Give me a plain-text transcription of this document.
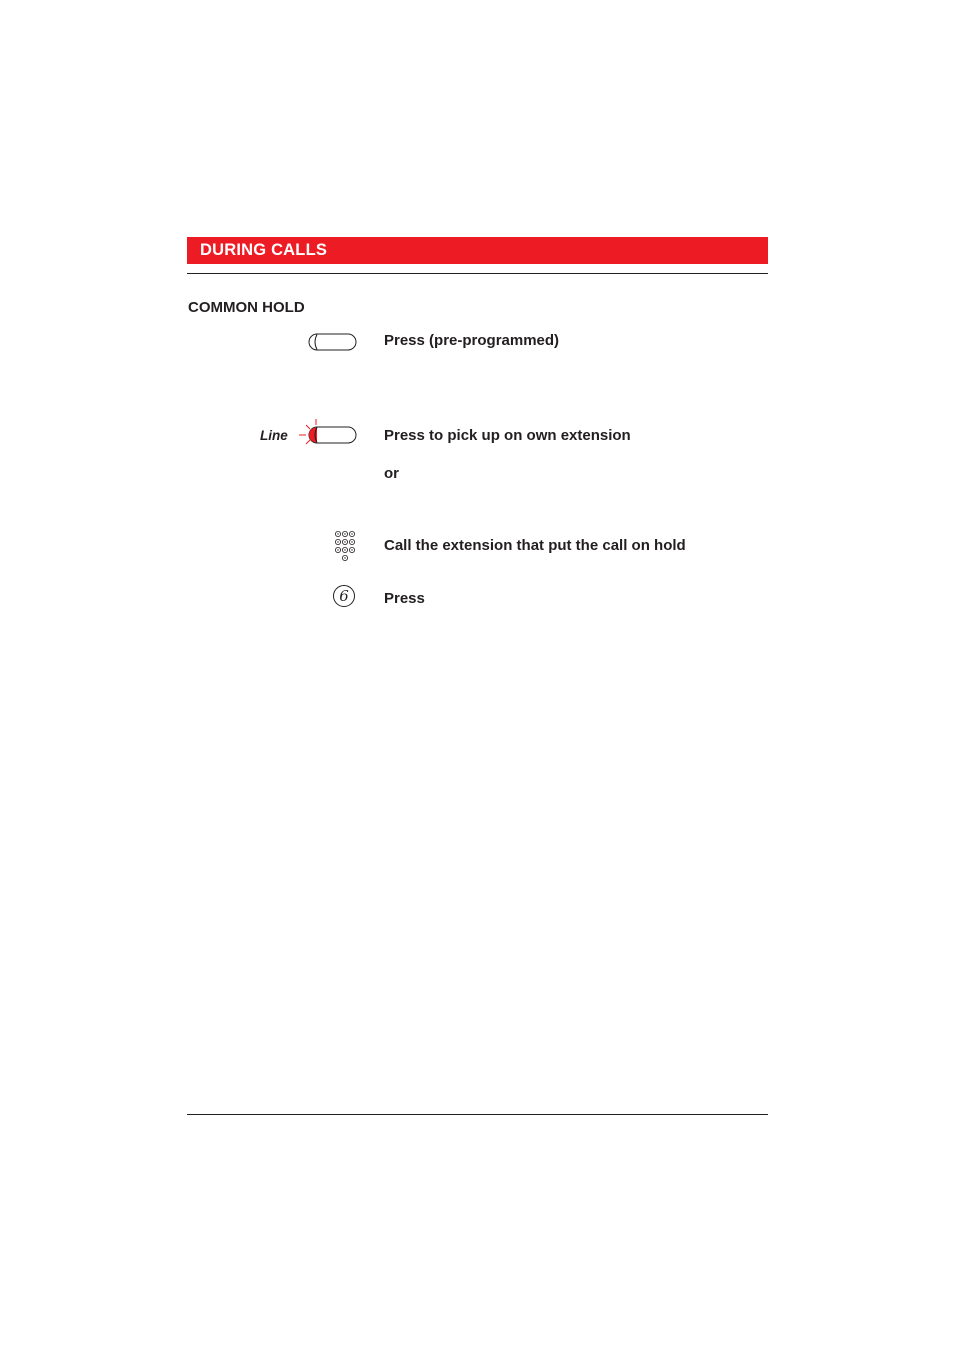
DURING CALLS
COMMON HOLD
Press (pre-programmed)
Line	Press to pick up on own extension
or
Call the extension that put the call on hold
6	Press
